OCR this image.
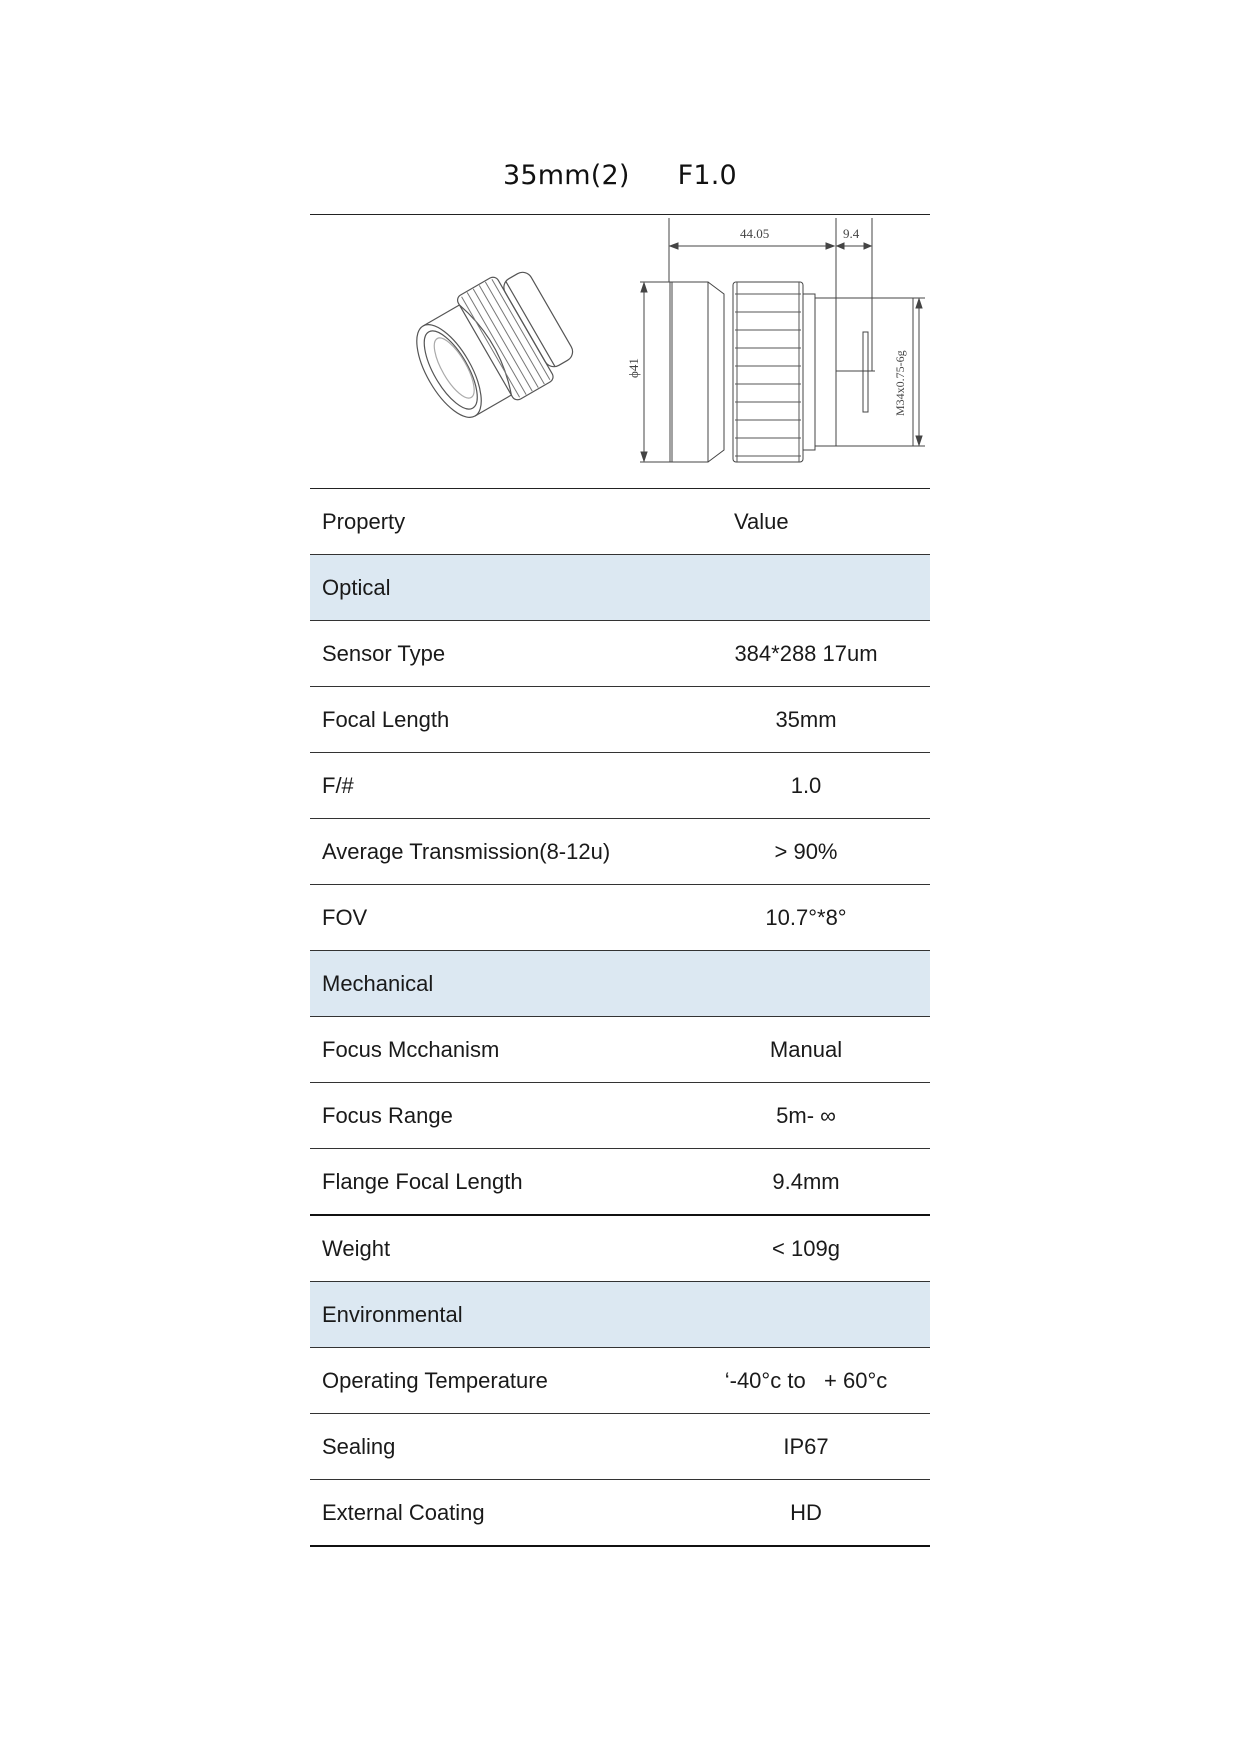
35mm(2) F1.0
44.05	9.4
ϕ41	M34x0.75-6g
Property	Value
Optical	
Sensor Type	384*288 17um
Focal Length	35mm
F/#	1.0
Average Transmission(8-12u)	> 90%
FOV	10.7°*8°
Mechanical	
Focus Mcchanism	Manual
Focus Range	5m- ∞
Flange Focal Length	9.4mm
Weight	< 109g
Environmental	
Operating Temperature	‘-40°c to   + 60°c
Sealing	IP67
External Coating	HD
